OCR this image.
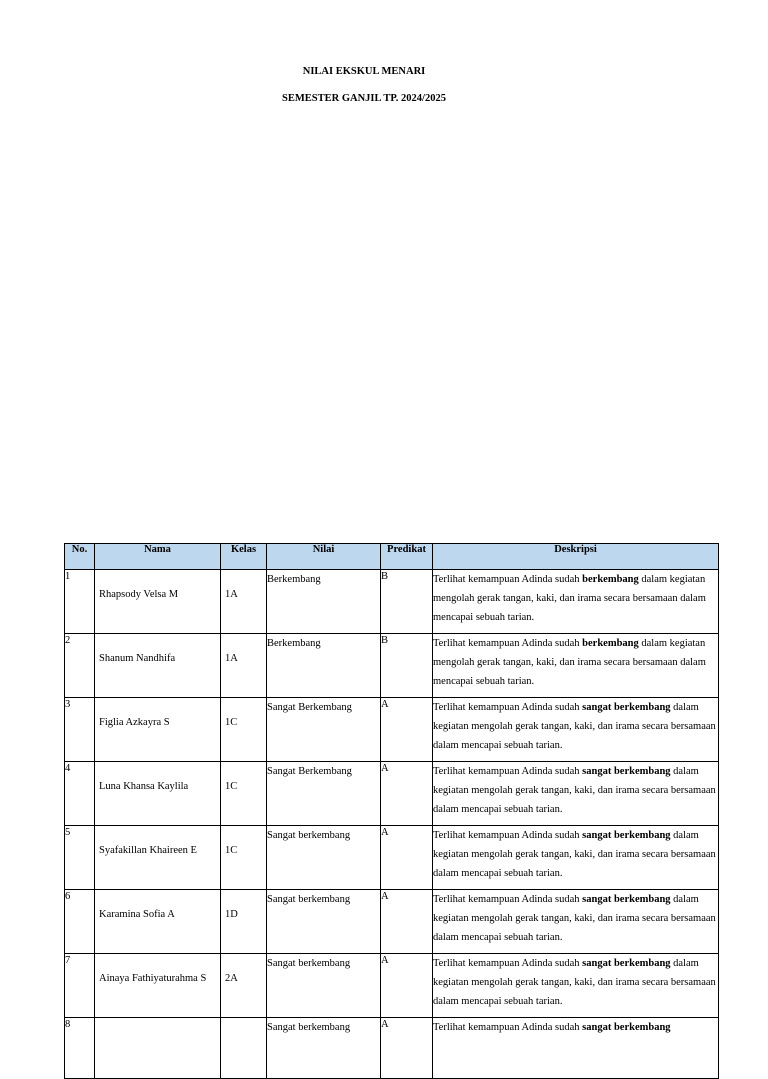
NILAI EKSKUL MENARI
SEMESTER GANJIL TP. 2024/2025
No.	Nama	Kelas	Nilai	Predikat	Deskripsi
1	Rhapsody Velsa M	1A	Berkembang	B	Terlihat kemampuan Adinda sudah berkembang dalam kegiatan mengolah gerak tangan, kaki, dan irama secara bersamaan dalam mencapai sebuah tarian.
2	Shanum Nandhifa	1A	Berkembang	B	Terlihat kemampuan Adinda sudah berkembang dalam kegiatan mengolah gerak tangan, kaki, dan irama secara bersamaan dalam mencapai sebuah tarian.
3	Figlia Azkayra S	1C	Sangat Berkembang	A	Terlihat kemampuan Adinda sudah sangat berkembang dalam kegiatan mengolah gerak tangan, kaki, dan irama secara bersamaan dalam mencapai sebuah tarian.
4	Luna Khansa Kaylila	1C	Sangat Berkembang	A	Terlihat kemampuan Adinda sudah sangat berkembang dalam kegiatan mengolah gerak tangan, kaki, dan irama secara bersamaan dalam mencapai sebuah tarian.
5	Syafakillan Khaireen E	1C	Sangat berkembang	A	Terlihat kemampuan Adinda sudah sangat berkembang dalam kegiatan mengolah gerak tangan, kaki, dan irama secara bersamaan dalam mencapai sebuah tarian.
6	Karamina Sofia A	1D	Sangat berkembang	A	Terlihat kemampuan Adinda sudah sangat berkembang dalam kegiatan mengolah gerak tangan, kaki, dan irama secara bersamaan dalam mencapai sebuah tarian.
7	Ainaya Fathiyaturahma S	2A	Sangat berkembang	A	Terlihat kemampuan Adinda sudah sangat berkembang dalam kegiatan mengolah gerak tangan, kaki, dan irama secara bersamaan dalam mencapai sebuah tarian.
8			Sangat berkembang	A	Terlihat kemampuan Adinda sudah sangat berkembang
